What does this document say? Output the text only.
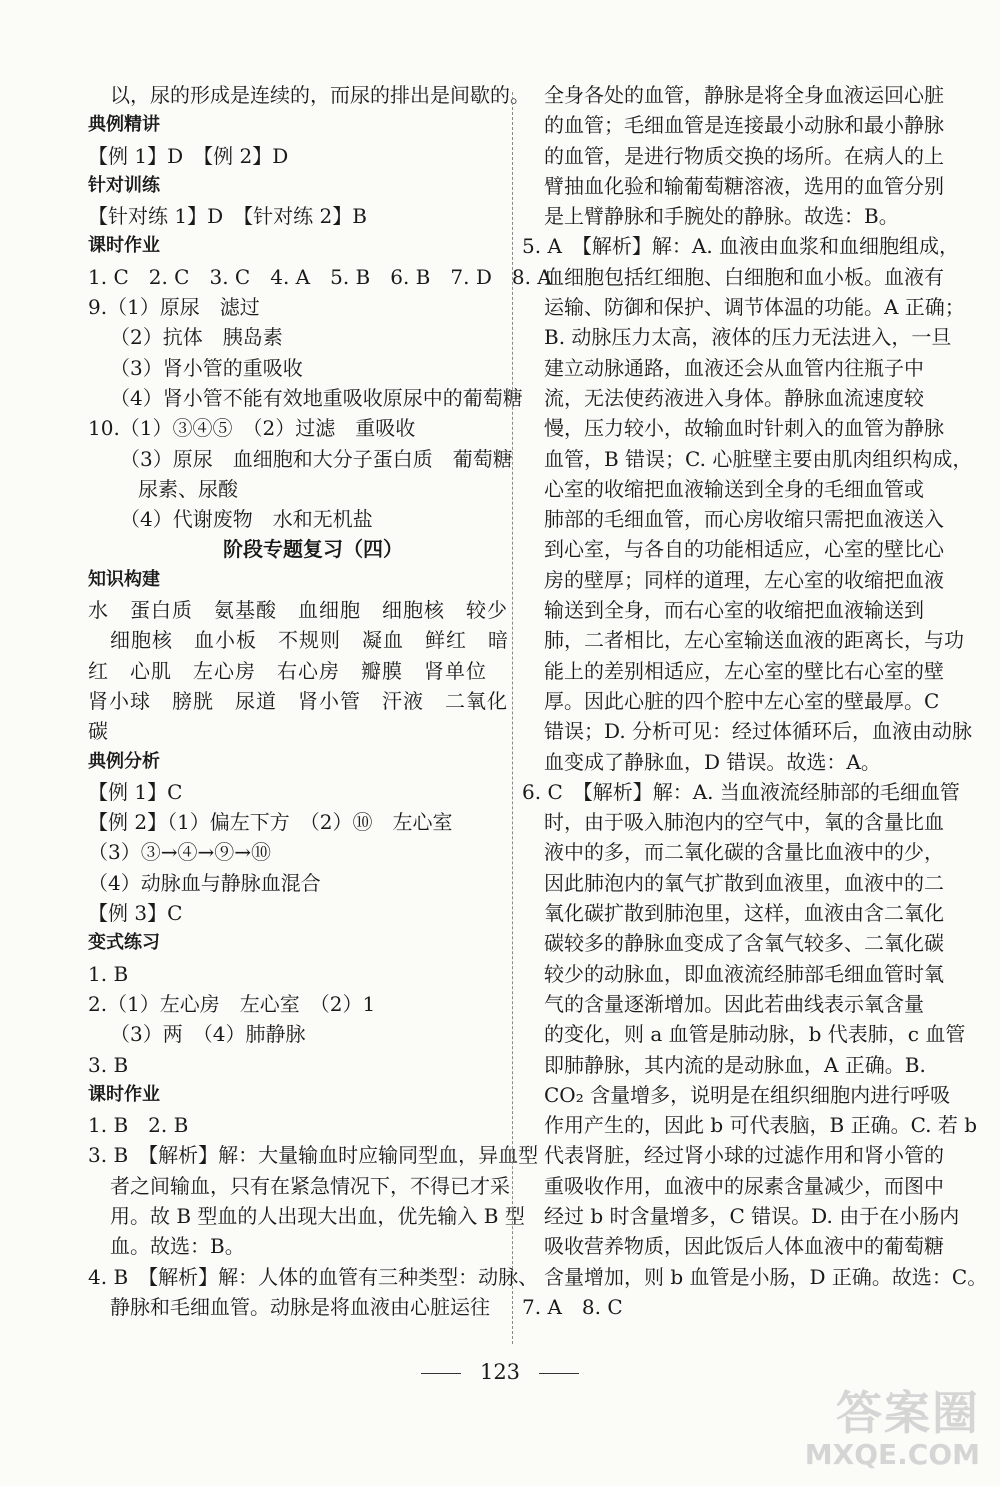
以，尿的形成是连续的，而尿的排出是间歇的。
典例精讲
【例 1】D　【例 2】D
针对训练
【针对练 1】D　【针对练 2】B
课时作业
1. C　2. C　3. C　4. A　5. B　6. B　7. D　8. A
9.（1）原尿　滤过
（2）抗体　胰岛素
（3）肾小管的重吸收
（4）肾小管不能有效地重吸收原尿中的葡萄糖
10.（1）③④⑤　（2）过滤　重吸收
（3）原尿　血细胞和大分子蛋白质　葡萄糖
尿素、尿酸
（4）代谢废物　水和无机盐
阶段专题复习（四）
知识构建
水　蛋白质　氨基酸　血细胞　细胞核　较少
细胞核　血小板　不规则　凝血　鲜红　暗
红　心肌　左心房　右心房　瓣膜　肾单位
肾小球　膀胱　尿道　肾小管　汗液　二氧化
碳
典例分析
【例 1】C
【例 2】（1）偏左下方　（2）⑩　左心室
（3）③→④→⑨→⑩
（4）动脉血与静脉血混合
【例 3】C
变式练习
1. B
2.（1）左心房　左心室　（2）1
（3）两　（4）肺静脉
3. B
课时作业
1. B　2. B
3. B　【解析】解：大量输血时应输同型血，异血型
者之间输血，只有在紧急情况下，不得已才采
用。故 B 型血的人出现大出血，优先输入 B 型
血。故选：B。
4. B　【解析】解：人体的血管有三种类型：动脉、
静脉和毛细血管。动脉是将血液由心脏运往
全身各处的血管，静脉是将全身血液运回心脏
的血管；毛细血管是连接最小动脉和最小静脉
的血管，是进行物质交换的场所。在病人的上
臂抽血化验和输葡萄糖溶液，选用的血管分别
是上臂静脉和手腕处的静脉。故选：B。
5. A　【解析】解：A. 血液由血浆和血细胞组成，
血细胞包括红细胞、白细胞和血小板。血液有
运输、防御和保护、调节体温的功能。A 正确；
B. 动脉压力太高，液体的压力无法进入，一旦
建立动脉通路，血液还会从血管内往瓶子中
流，无法使药液进入身体。静脉血流速度较
慢，压力较小，故输血时针刺入的血管为静脉
血管，B 错误；C. 心脏壁主要由肌肉组织构成，
心室的收缩把血液输送到全身的毛细血管或
肺部的毛细血管，而心房收缩只需把血液送入
到心室，与各自的功能相适应，心室的壁比心
房的壁厚；同样的道理，左心室的收缩把血液
输送到全身，而右心室的收缩把血液输送到
肺，二者相比，左心室输送血液的距离长，与功
能上的差别相适应，左心室的壁比右心室的壁
厚。因此心脏的四个腔中左心室的壁最厚。C
错误；D. 分析可见：经过体循环后，血液由动脉
血变成了静脉血，D 错误。故选：A。
6. C　【解析】解：A. 当血液流经肺部的毛细血管
时，由于吸入肺泡内的空气中，氧的含量比血
液中的多，而二氧化碳的含量比血液中的少，
因此肺泡内的氧气扩散到血液里，血液中的二
氧化碳扩散到肺泡里，这样，血液由含二氧化
碳较多的静脉血变成了含氧气较多、二氧化碳
较少的动脉血，即血液流经肺部毛细血管时氧
气的含量逐渐增加。因此若曲线表示氧含量
的变化，则 a 血管是肺动脉，b 代表肺，c 血管
即肺静脉，其内流的是动脉血，A 正确。B.
CO₂ 含量增多，说明是在组织细胞内进行呼吸
作用产生的，因此 b 可代表脑，B 正确。C. 若 b
代表肾脏，经过肾小球的过滤作用和肾小管的
重吸收作用，血液中的尿素含量减少，而图中
经过 b 时含量增多，C 错误。D. 由于在小肠内
吸收营养物质，因此饭后人体血液中的葡萄糖
含量增加，则 b 血管是小肠，D 正确。故选：C。
7. A　8. C
123
答案圈
MXQE.COM
